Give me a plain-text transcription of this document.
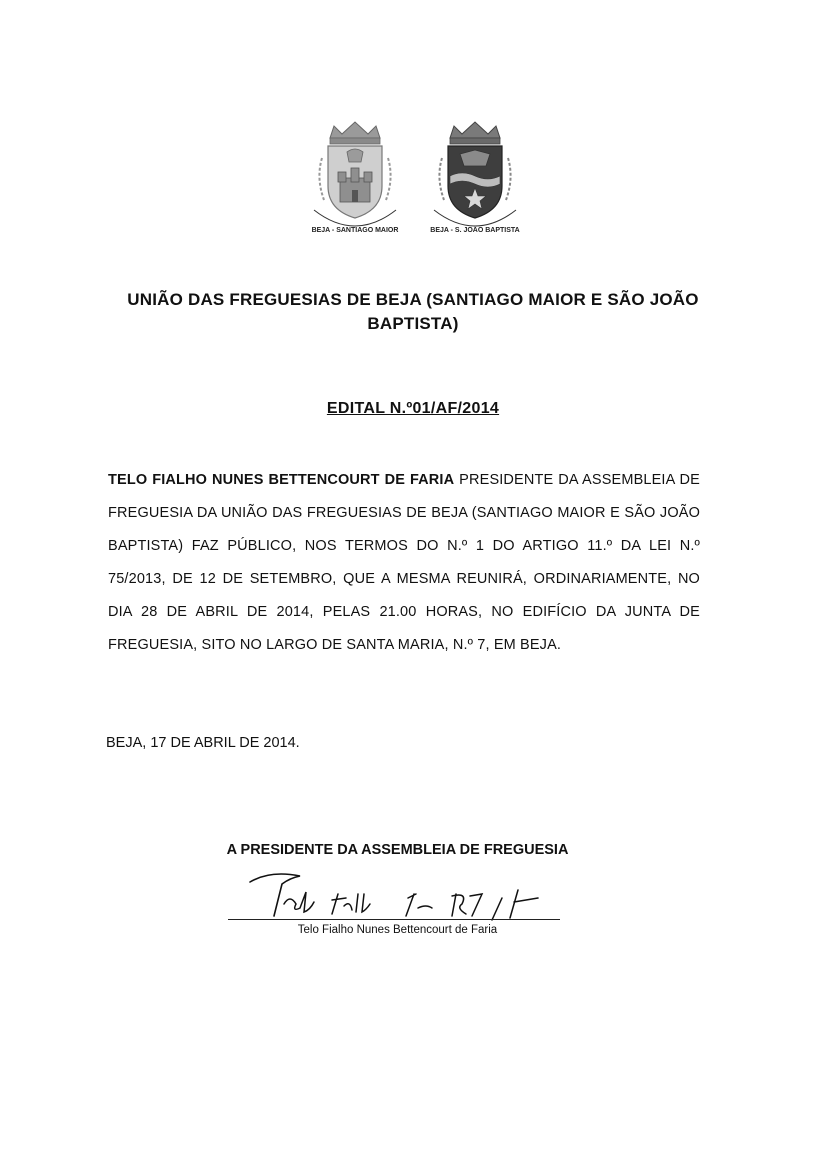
BEJA - SANTIAGO MAIOR	BEJA - S. JOÃO BAPTISTA
UNIÃO DAS FREGUESIAS DE BEJA (SANTIAGO MAIOR E SÃO JOÃO BAPTISTA)
EDITAL N.º01/AF/2014
TELO FIALHO NUNES BETTENCOURT DE FARIA PRESIDENTE DA ASSEMBLEIA DE FREGUESIA DA UNIÃO DAS FREGUESIAS DE BEJA (SANTIAGO MAIOR E SÃO JOÃO BAPTISTA) FAZ PÚBLICO, NOS TERMOS DO N.º 1 DO ARTIGO 11.º DA LEI N.º 75/2013, DE 12 DE SETEMBRO, QUE A MESMA REUNIRÁ, ORDINARIAMENTE, NO DIA 28 DE ABRIL DE 2014, PELAS 21.00 HORAS, NO EDIFÍCIO DA JUNTA DE FREGUESIA, SITO NO LARGO DE SANTA MARIA, N.º 7, EM BEJA.
BEJA, 17 DE ABRIL DE 2014.
A PRESIDENTE DA ASSEMBLEIA DE FREGUESIA
Telo Fialho Nunes Bettencourt de Faria
